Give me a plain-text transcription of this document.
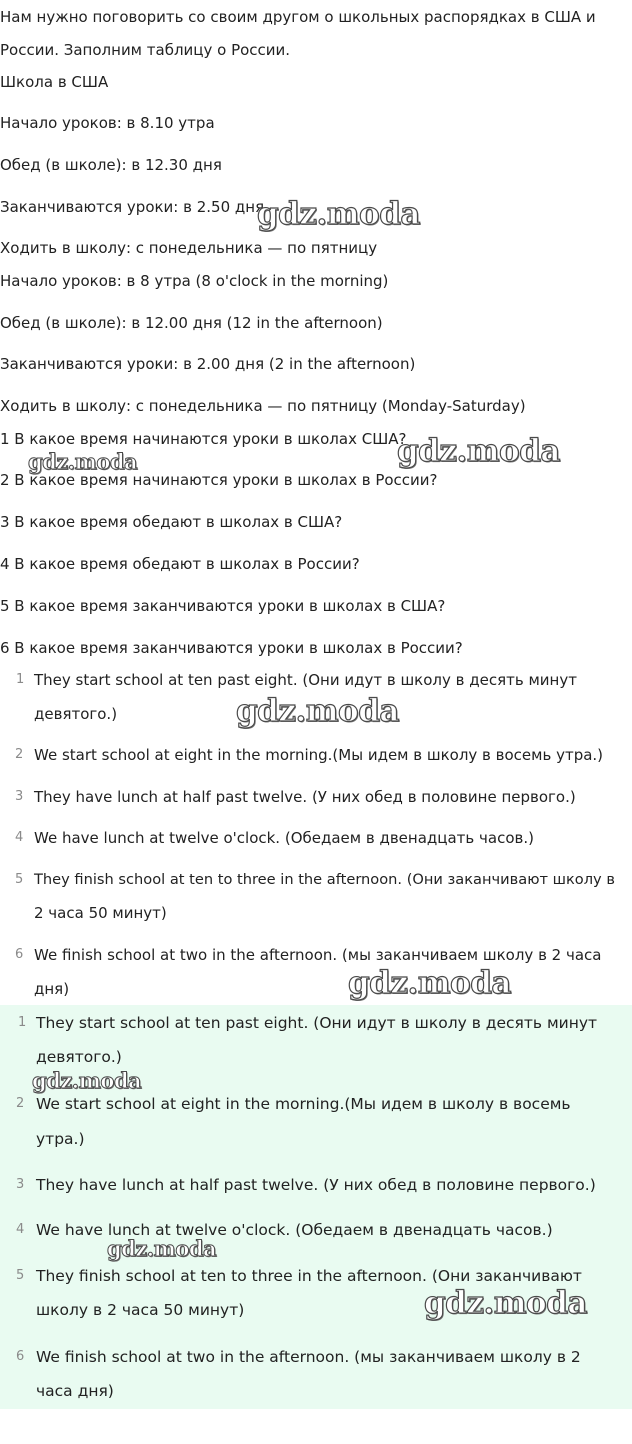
Нам нужно поговорить со своим другом о школьных распорядках в США и

России. Заполним таблицу о России.

Школа в США

Начало уроков: в 8.10 утра

Обед (в школе): в 12.30 дня

Заканчиваются уроки: в 2.50 дня

Ходить в школу: с понедельника — по пятницу

Начало уроков: в 8 утра (8 o'clock in the morning)

Обед (в школе): в 12.00 дня (12 in the afternoon)

Заканчиваются уроки: в 2.00 дня (2 in the afternoon)

Ходить в школу: с понедельника — по пятницу (Monday-Saturday)

1 В какое время начинаются уроки в школах США?

2 В какое время начинаются уроки в школах в России?

3 В какое время обедают в школах в США?

4 В какое время обедают в школах в России?

5 В какое время заканчиваются уроки в школах в США?

6 В какое время заканчиваются уроки в школах в России?

1 They start school at ten past eight. (Они идут в школу в десять минут
девятого.)
2 We start school at eight in the morning.(Мы идем в школу в восемь утра.)
3 They have lunch at half past twelve. (У них обед в половине первого.)
4 We have lunch at twelve o'clock. (Обедаем в двенадцать часов.)
5 They finish school at ten to three in the afternoon. (Они заканчивают школу в
2 часа 50 минут)
6 We finish school at two in the afternoon. (мы заканчиваем школу в 2 часа
дня)
1 They start school at ten past eight. (Они идут в школу в десять минут
девятого.)
2 We start school at eight in the morning.(Мы идем в школу в восемь
утра.)
3 They have lunch at half past twelve. (У них обед в половине первого.)
4 We have lunch at twelve o'clock. (Обедаем в двенадцать часов.)
5 They finish school at ten to three in the afternoon. (Они заканчивают
школу в 2 часа 50 минут)
6 We finish school at two in the afternoon. (мы заканчиваем школу в 2
часа дня)
gdz.moda
gdz.moda
gdz.moda
gdz.moda
gdz.moda
gdz.moda
gdz.moda
gdz.moda
